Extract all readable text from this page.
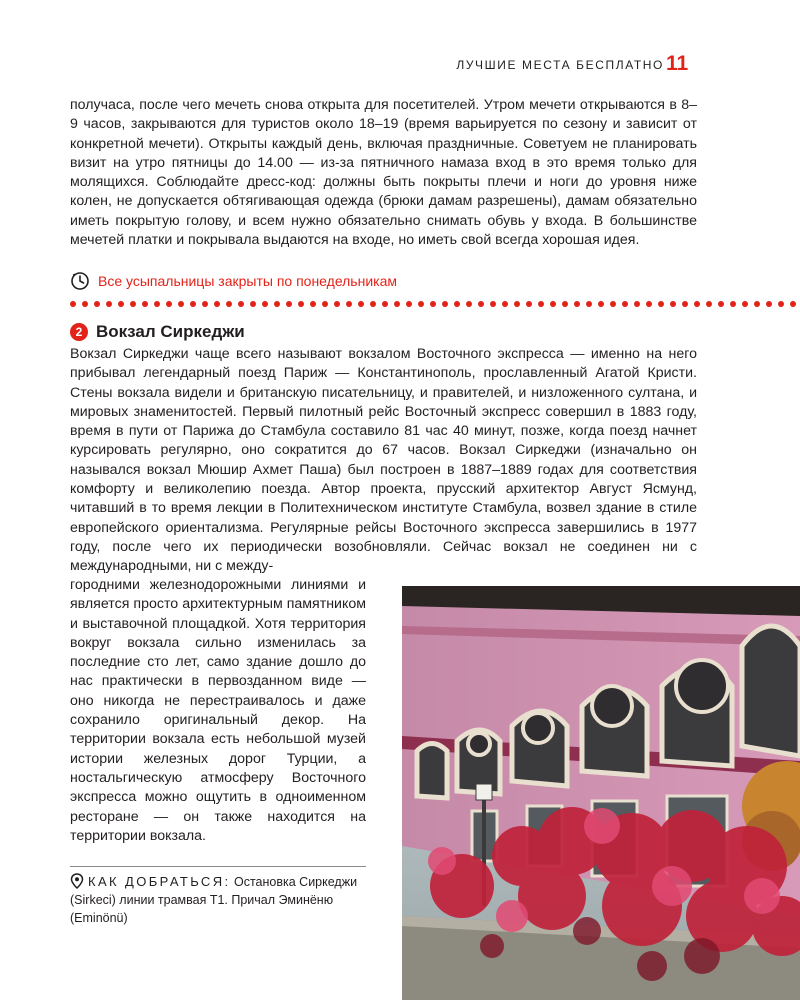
ЛУЧШИЕ МЕСТА БЕСПЛАТНО 11

получаса, после чего мечеть снова открыта для посетителей. Утром мечети открываются в 8–9 часов, закрываются для туристов около 18–19 (время варьируется по сезону и зависит от конкретной мечети). Открыты каждый день, включая праздничные. Советуем не планировать визит на утро пятницы до 14.00 — из-за пятничного намаза вход в это время только для молящихся. Соблюдайте дресс-код: должны быть покрыты плечи и ноги до уровня ниже колен, не допускается обтягивающая одежда (брюки дамам разрешены), дамам обязательно иметь покрытую голову, и всем нужно обязательно снимать обувь у входа. В большинстве мечетей платки и покрывала выдаются на входе, но иметь свой всегда хорошая идея.

Все усыпальницы закрыты по понедельникам
2 Вокзал Сиркеджи

Вокзал Сиркеджи чаще всего называют вокзалом Восточного экспресса — именно на него прибывал легендарный поезд Париж — Константинополь, прославленный Агатой Кристи. Стены вокзала видели и британскую писательницу, и правителей, и низложенного султана, и мировых знаменитостей. Первый пилотный рейс Восточный экспресс совершил в 1883 году, время в пути от Парижа до Стамбула составило 81 час 40 минут, позже, когда поезд начнет курсировать регулярно, оно сократится до 67 часов. Вокзал Сиркеджи (изначально он назывался вокзал Мюшир Ахмет Паша) был построен в 1887–1889 годах для соответствия комфорту и великолепию поезда. Автор проекта, прусский архитектор Август Ясмунд, читавший в то время лекции в Политехническом институте Стамбула, возвел здание в стиле европейского ориентализма. Регулярные рейсы Восточного экспресса завершились в 1977 году, после чего их периодически возобновляли. Сейчас вокзал не соединен ни с международными, ни с между-

городними железнодорожными линиями и является просто архитектурным памятником и выставочной площадкой. Хотя территория вокруг вокзала сильно изменилась за последние сто лет, само здание дошло до нас практически в первозданном виде — оно никогда не перестраивалось и даже сохранило оригинальный декор. На территории вокзала есть небольшой музей истории железных дорог Турции, а ностальгическую атмосферу Восточного экспресса можно ощутить в одноименном ресторане — он также находится на территории вокзала.

КАК ДОБРАТЬСЯ: Остановка Сиркеджи (Sirkeci) линии трамвая Т1. Причал Эминёню (Eminönü)
